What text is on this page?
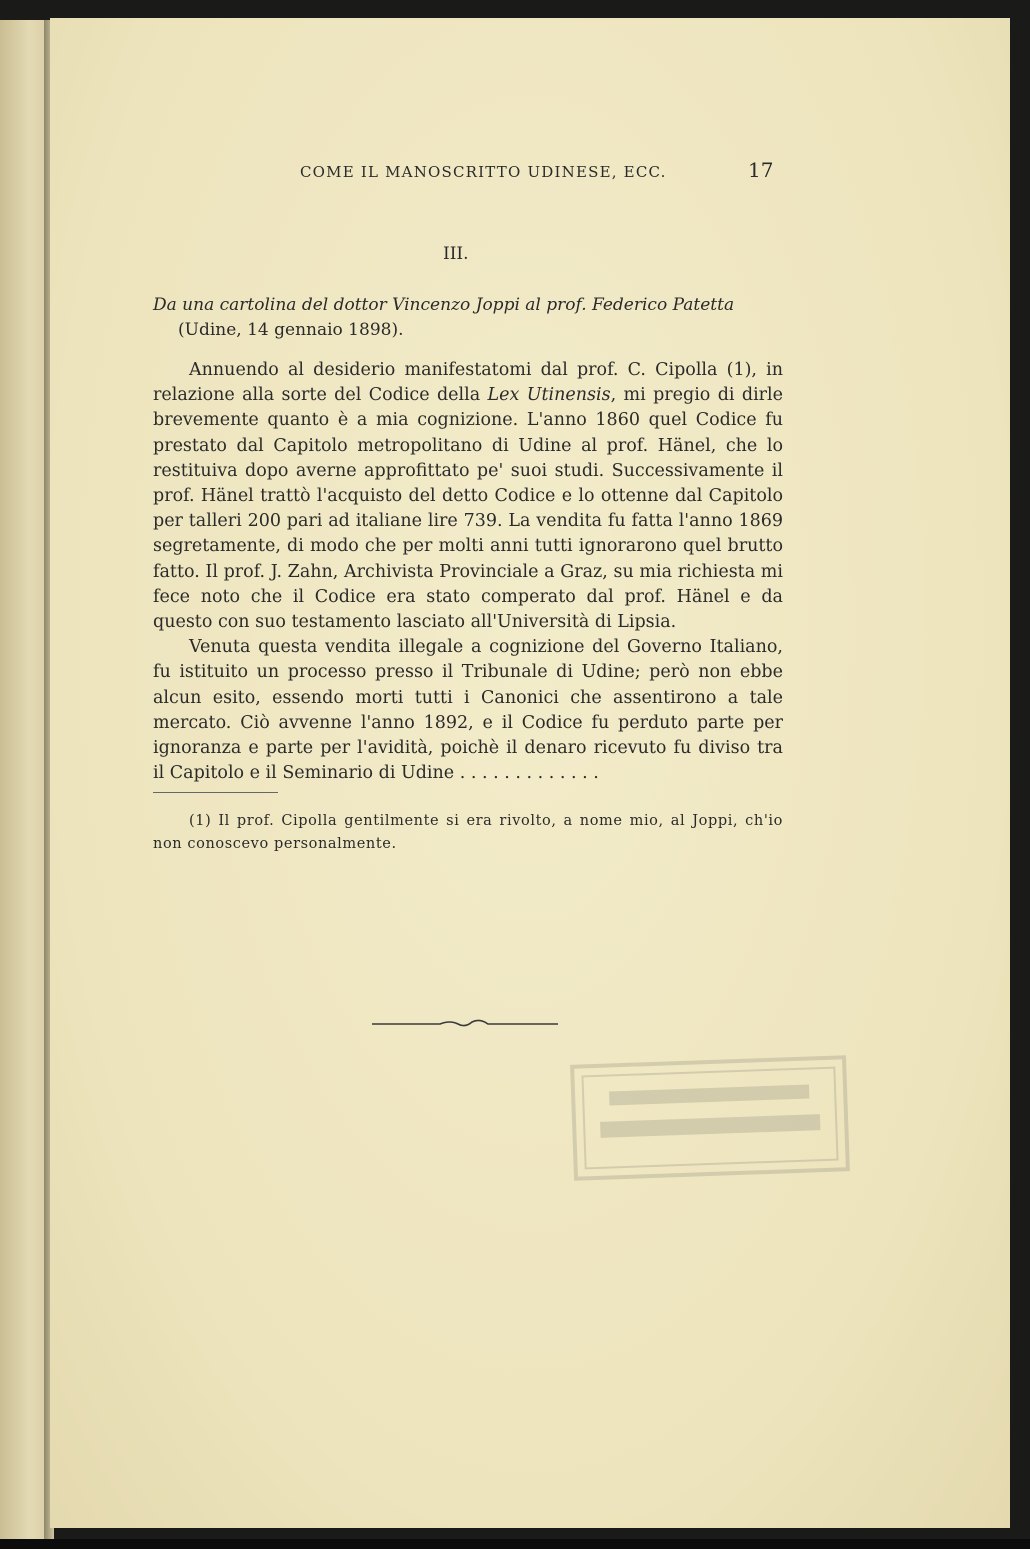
COME IL MANOSCRITTO UDINESE, ECC.	17
III.
Da una cartolina del dottor Vincenzo Joppi al prof. Federico Patetta
(Udine, 14 gennaio 1898).

Annuendo al desiderio manifestatomi dal prof. C. Cipolla (1), in relazione alla sorte del Codice della Lex Utinensis, mi pregio di dirle brevemente quanto è a mia cognizione. L'anno 1860 quel Codice fu prestato dal Capitolo metropolitano di Udine al prof. Hänel, che lo restituiva dopo averne approfittato pe' suoi studi. Successivamente il prof. Hänel trattò l'acquisto del detto Codice e lo ottenne dal Capitolo per talleri 200 pari ad italiane lire 739. La vendita fu fatta l'anno 1869 segretamente, di modo che per molti anni tutti ignorarono quel brutto fatto. Il prof. J. Zahn, Archivista Provinciale a Graz, su mia richiesta mi fece noto che il Codice era stato comperato dal prof. Hänel e da questo con suo testamento lasciato all'Università di Lipsia.

Venuta questa vendita illegale a cognizione del Governo Italiano, fu istituito un processo presso il Tribunale di Udine; però non ebbe alcun esito, essendo morti tutti i Canonici che assentirono a tale mercato. Ciò avvenne l'anno 1892, e il Codice fu perduto parte per ignoranza e parte per l'avidità, poichè il denaro ricevuto fu diviso tra il Capitolo e il Seminario di Udine . . . . . . . . . . . . .

(1) Il prof. Cipolla gentilmente si era rivolto, a nome mio, al Joppi, ch'io non conoscevo personalmente.
